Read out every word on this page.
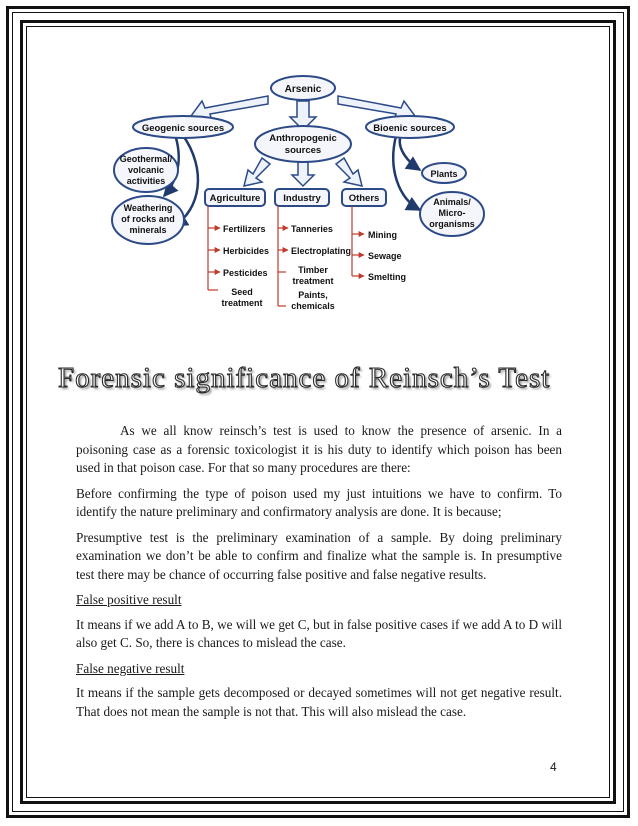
Arsenic
Geogenic sources
Anthropogenic
sources
Bioenic sources
Geothermal/
volcanic
activities
Weathering
of rocks and
minerals
Plants
Animals/
Micro-
organisms
Agriculture Industry	Others
Fertilizers
Herbicides
Pesticides
Seed
treatment
Tanneries
Electroplating
Timber
treatment
Paints,
chemicals
Mining
Sewage
Smelting
Forensic significance of Reinsch’s Test

As we all know reinsch’s test is used to know the presence of arsenic. In a poisoning case as a forensic toxicologist it is his duty to identify which poison has been used in that poison case. For that so many procedures are there:

Before confirming the type of poison used my just intuitions we have to confirm. To identify the nature preliminary and confirmatory analysis are done. It is because;

Presumptive test is the preliminary examination of a sample. By doing preliminary examination we don’t be able to confirm and finalize what the sample is. In presumptive test there may be chance of occurring false positive and false negative results.

False positive result

It means if we add A to B, we will we get C, but in false positive cases if we add A to D will also get C. So, there is chances to mislead the case.

False negative result

It means if the sample gets decomposed or decayed sometimes will not get negative result. That does not mean the sample is not that. This will also mislead the case.

4
